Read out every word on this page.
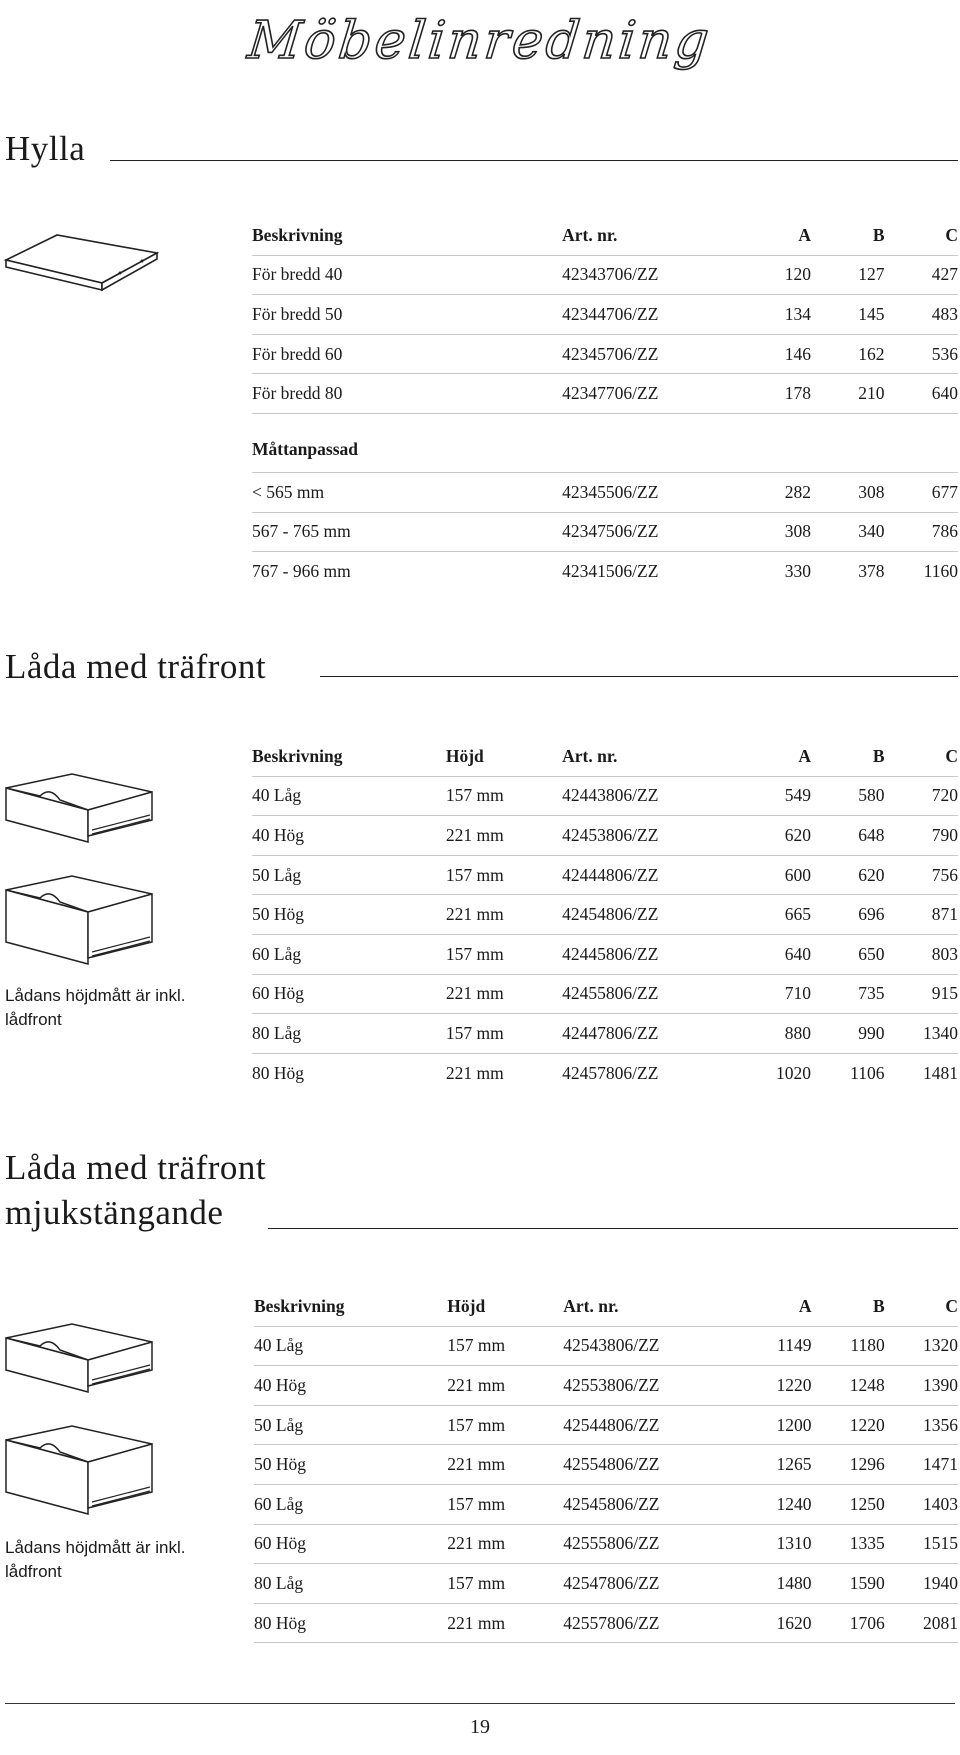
Möbelinredning
Hylla
Beskrivning	Art. nr.	A	B	C
För bredd 40	42343706/ZZ	120	127	427
För bredd 50	42344706/ZZ	134	145	483
För bredd 60	42345706/ZZ	146	162	536
För bredd 80	42347706/ZZ	178	210	640
Måttanpassad				
< 565 mm	42345506/ZZ	282	308	677
567 - 765 mm	42347506/ZZ	308	340	786
767 - 966 mm	42341506/ZZ	330	378	1160
Låda med träfront
Lådans höjdmått är inkl. lådfront
Beskrivning	Höjd	Art. nr.	A	B	C
40 Låg	157 mm	42443806/ZZ	549	580	720
40 Hög	221 mm	42453806/ZZ	620	648	790
50 Låg	157 mm	42444806/ZZ	600	620	756
50 Hög	221 mm	42454806/ZZ	665	696	871
60 Låg	157 mm	42445806/ZZ	640	650	803
60 Hög	221 mm	42455806/ZZ	710	735	915
80 Låg	157 mm	42447806/ZZ	880	990	1340
80 Hög	221 mm	42457806/ZZ	1020	1106	1481
Låda med träfront
mjukstängande
Lådans höjdmått är inkl. lådfront
Beskrivning	Höjd	Art. nr.	A	B	C
40 Låg	157 mm	42543806/ZZ	1149	1180	1320
40 Hög	221 mm	42553806/ZZ	1220	1248	1390
50 Låg	157 mm	42544806/ZZ	1200	1220	1356
50 Hög	221 mm	42554806/ZZ	1265	1296	1471
60 Låg	157 mm	42545806/ZZ	1240	1250	1403
60 Hög	221 mm	42555806/ZZ	1310	1335	1515
80 Låg	157 mm	42547806/ZZ	1480	1590	1940
80 Hög	221 mm	42557806/ZZ	1620	1706	2081
19
